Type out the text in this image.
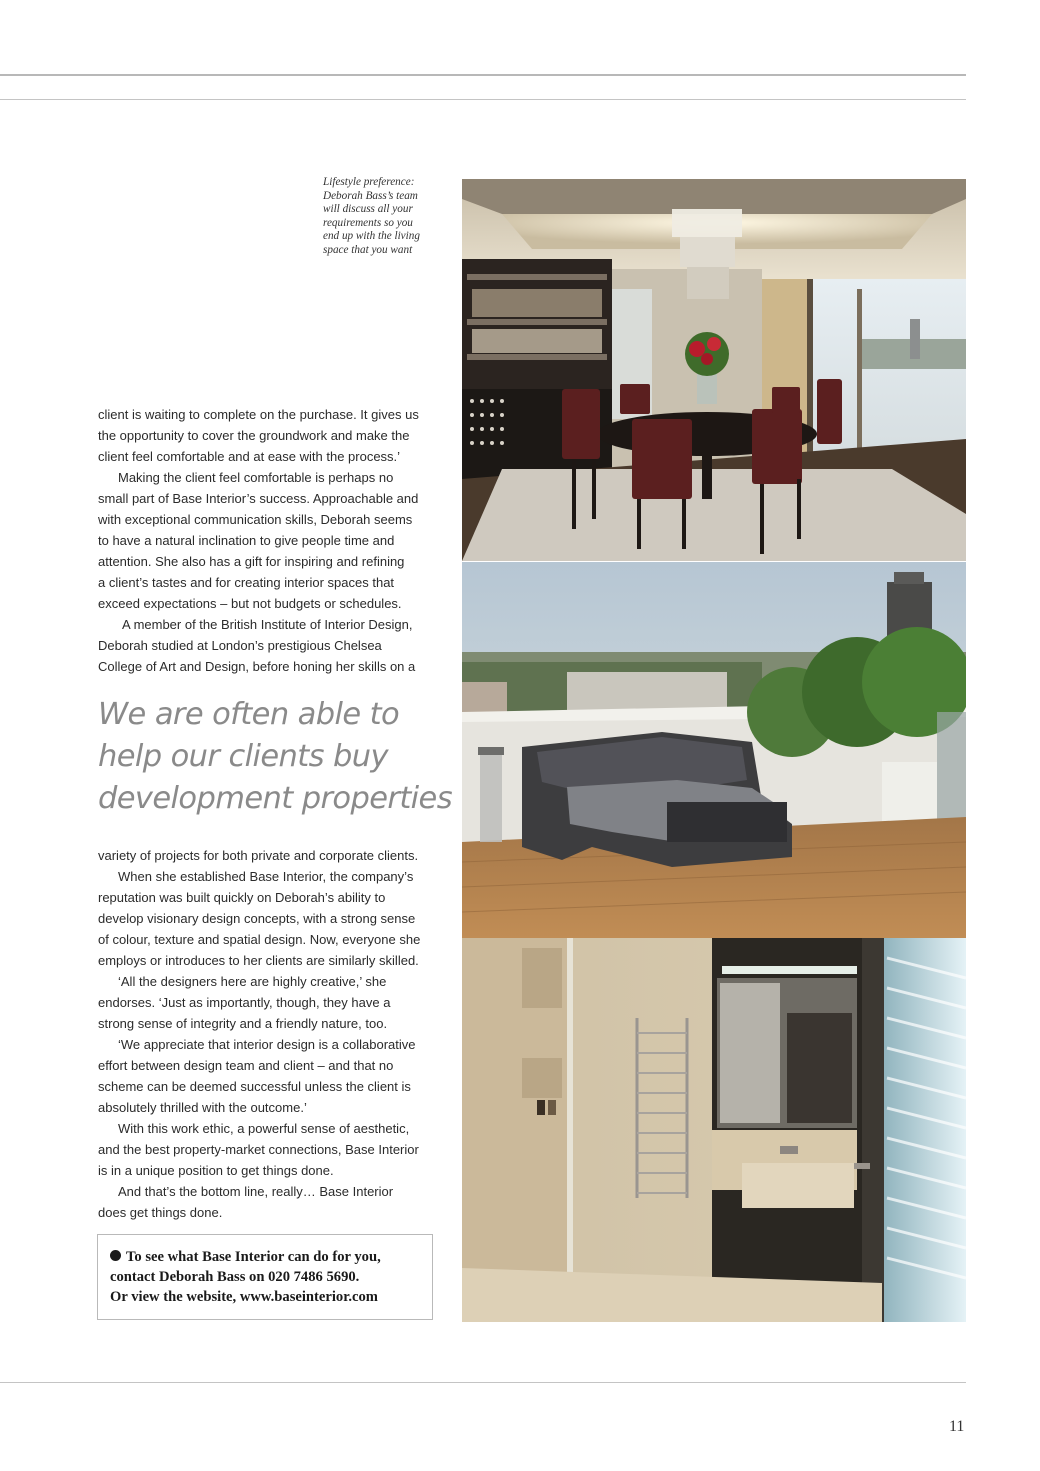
Lifestyle preference:
Deborah Bass’s team
will discuss all your
requirements so you
end up with the living
space that you want
client is waiting to complete on the purchase. It gives us
the opportunity to cover the groundwork and make the
client feel comfortable and at ease with the process.’
Making the client feel comfortable is perhaps no
small part of Base Interior’s success. Approachable and
with exceptional communication skills, Deborah seems
to have a natural inclination to give people time and
attention. She also has a gift for inspiring and refining
a client’s tastes and for creating interior spaces that
exceed expectations – but not budgets or schedules.
A member of the British Institute of Interior Design,
Deborah studied at London’s prestigious Chelsea
College of Art and Design, before honing her skills on a
We are often able to
help our clients buy
development properties
variety of projects for both private and corporate clients.
When she established Base Interior, the company’s
reputation was built quickly on Deborah’s ability to
develop visionary design concepts, with a strong sense
of colour, texture and spatial design. Now, everyone she
employs or introduces to her clients are similarly skilled.
‘All the designers here are highly creative,’ she
endorses. ‘Just as importantly, though, they have a
strong sense of integrity and a friendly nature, too.
‘We appreciate that interior design is a collaborative
effort between design team and client – and that no
scheme can be deemed successful unless the client is
absolutely thrilled with the outcome.’
With this work ethic, a powerful sense of aesthetic,
and the best property-market connections, Base Interior
is in a unique position to get things done.
And that’s the bottom line, really… Base Interior
does get things done.
To see what Base Interior can do for you,
contact Deborah Bass on 020 7486 5690.
Or view the website, www.baseinterior.com
11
